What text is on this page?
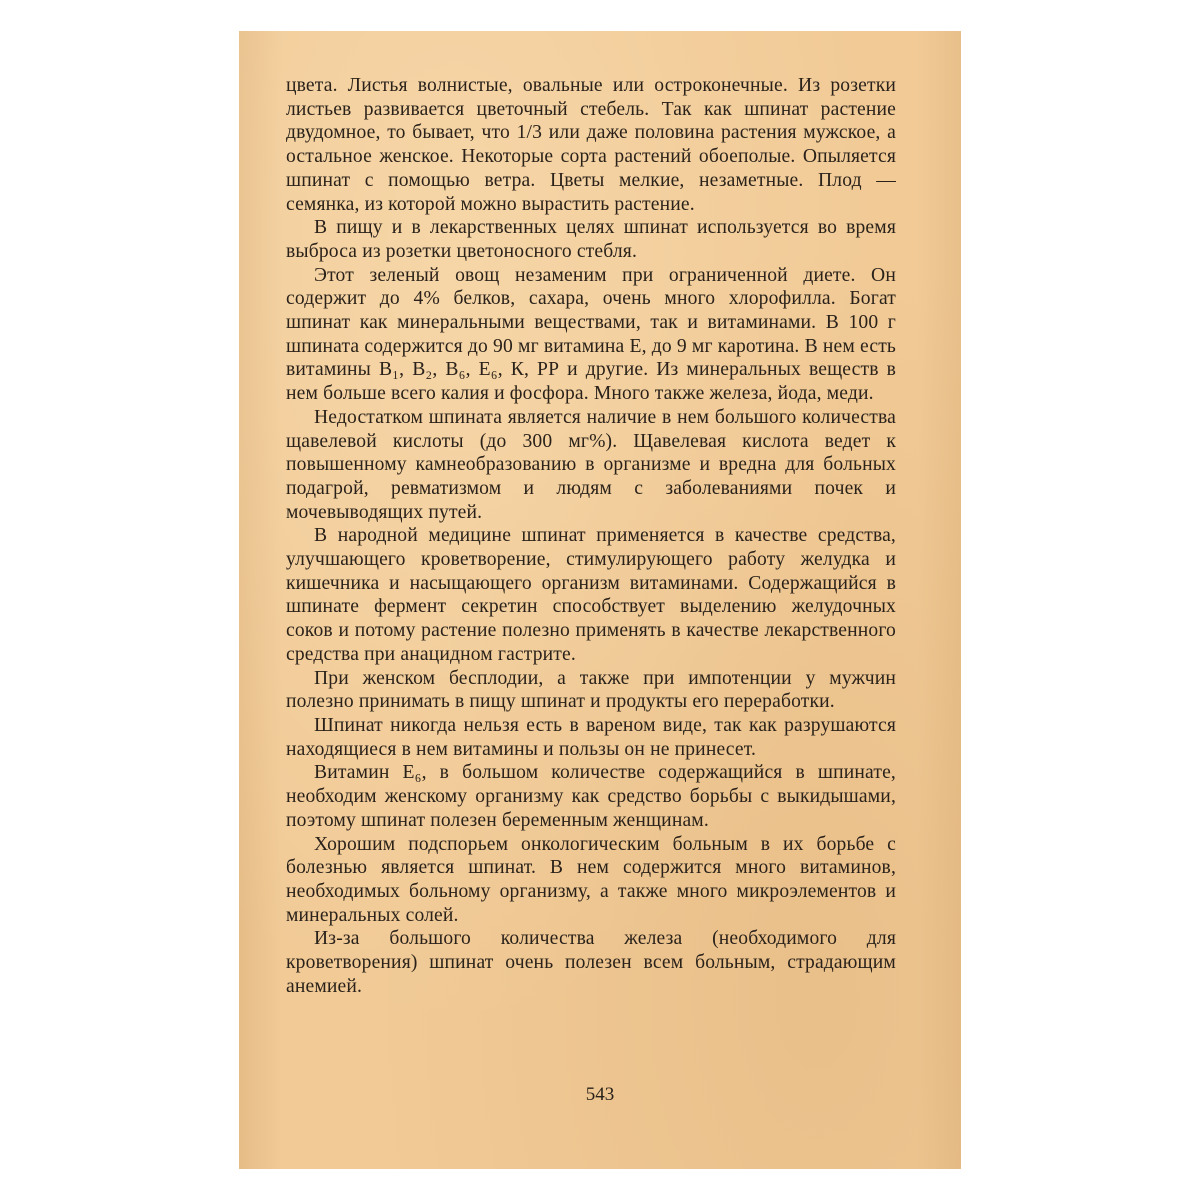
цвета. Листья волнистые, овальные или остроконечные. Из розетки листьев развивается цветочный стебель. Так как шпинат растение двудомное, то бывает, что 1/3 или даже половина растения мужское, а остальное женское. Некоторые сорта растений обоеполые. Опыляется шпинат с помощью ветра. Цветы мелкие, незаметные. Плод — семянка, из которой можно вырастить растение.

В пищу и в лекарственных целях шпинат используется во время выброса из розетки цветоносного стебля.

Этот зеленый овощ незаменим при ограниченной диете. Он содержит до 4% белков, сахара, очень много хлорофилла. Богат шпинат как минеральными веществами, так и витаминами. В 100 г шпината содержится до 90 мг витамина Е, до 9 мг каротина. В нем есть витамины В₁, В₂, В₆, Е₆, К, РР и другие. Из минеральных веществ в нем больше всего калия и фосфора. Много также железа, йода, меди.

Недостатком шпината является наличие в нем большого количества щавелевой кислоты (до 300 мг%). Щавелевая кислота ведет к повышенному камнеобразованию в организме и вредна для больных подагрой, ревматизмом и людям с заболеваниями почек и мочевыводящих путей.

В народной медицине шпинат применяется в качестве средства, улучшающего кроветворение, стимулирующего работу желудка и кишечника и насыщающего организм витаминами. Содержащийся в шпинате фермент секретин способствует выделению желудочных соков и потому растение полезно применять в качестве лекарственного средства при анацидном гастрите.

При женском бесплодии, а также при импотенции у мужчин полезно принимать в пищу шпинат и продукты его переработки.

Шпинат никогда нельзя есть в вареном виде, так как разрушаются находящиеся в нем витамины и пользы он не принесет.

Витамин Е₆, в большом количестве содержащийся в шпинате, необходим женскому организму как средство борьбы с выкидышами, поэтому шпинат полезен беременным женщинам.

Хорошим подспорьем онкологическим больным в их борьбе с болезнью является шпинат. В нем содержится много витаминов, необходимых больному организму, а также много микроэлементов и минеральных солей.

Из-за большого количества железа (необходимого для кроветворения) шпинат очень полезен всем больным, страдающим анемией.

543
